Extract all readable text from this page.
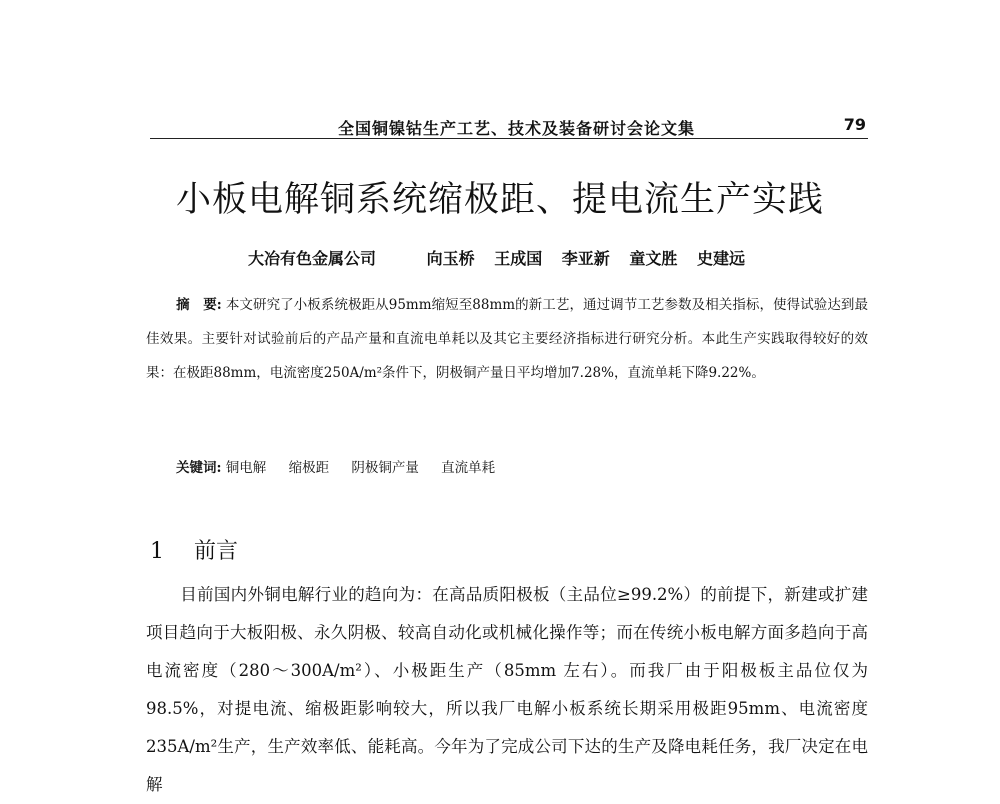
全国铜镍钴生产工艺、技术及装备研讨会论文集	79
小板电解铜系统缩极距、提电流生产实践
大冶有色金属公司	向玉桥 王成国 李亚新 童文胜 史建远
摘　要: 本文研究了小板系统极距从95mm缩短至88mm的新工艺，通过调节工艺参数及相关指标，使得试验达到最佳效果。主要针对试验前后的产品产量和直流电单耗以及其它主要经济指标进行研究分析。本此生产实践取得较好的效果：在极距88mm，电流密度250A/m²条件下，阴极铜产量日平均增加7.28%，直流单耗下降9.22%。
关键词: 铜电解 缩极距 阴极铜产量 直流单耗
1 前言
目前国内外铜电解行业的趋向为：在高品质阳极板（主品位≥99.2%）的前提下，新建或扩建项目趋向于大板阳极、永久阴极、较高自动化或机械化操作等；而在传统小板电解方面多趋向于高电流密度（280～300A/m²）、小极距生产（85mm 左右）。而我厂由于阳极板主品位仅为98.5%，对提电流、缩极距影响较大，所以我厂电解小板系统长期采用极距95mm、电流密度235A/m²生产，生产效率低、能耗高。今年为了完成公司下达的生产及降电耗任务，我厂决定在电解
